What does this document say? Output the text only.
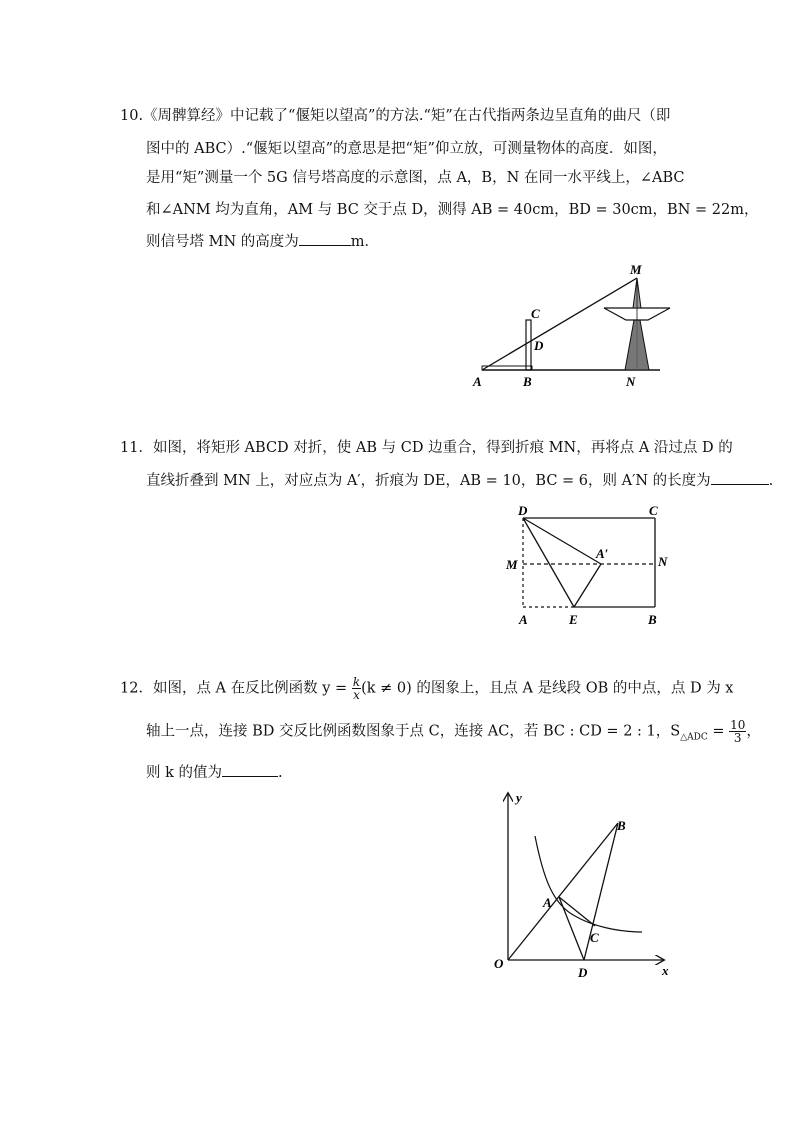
10.《周髀算经》中记载了“偃矩以望高”的方法.“矩”在古代指两条边呈直角的曲尺（即
图中的 ABC）.“偃矩以望高”的意思是把“矩”仰立放，可测量物体的高度．如图，
是用“矩”测量一个 5G 信号塔高度的示意图，点 A，B，N 在同一水平线上，∠ABC
和∠ANM 均为直角，AM 与 BC 交于点 D，测得 AB = 40cm，BD = 30cm，BN = 22m，
则信号塔 MN 的高度为	m．
A	B
C
D
M
N
11．如图，将矩形 ABCD 对折，使 AB 与 CD 边重合，得到折痕 MN，再将点 A 沿过点 D 的
直线折叠到 MN 上，对应点为 A′，折痕为 DE，AB = 10，BC = 6，则 A′N 的长度为	.
D	C
M	N
A′
A	E	B
12．如图，点 A 在反比例函数 $y = \frac{k}{x} (k \ne 0)$ 的图象上，且点 A 是线段 OB 的中点，点 D 为 x
轴上一点，连接 BD 交反比例函数图象于点 C，连接 AC，若 BC : CD = 2 : 1，$S_{\triangle ADC} = \frac{10}{3}$ ，
则 k 的值为	.
O	x
y
A
B
C
D
